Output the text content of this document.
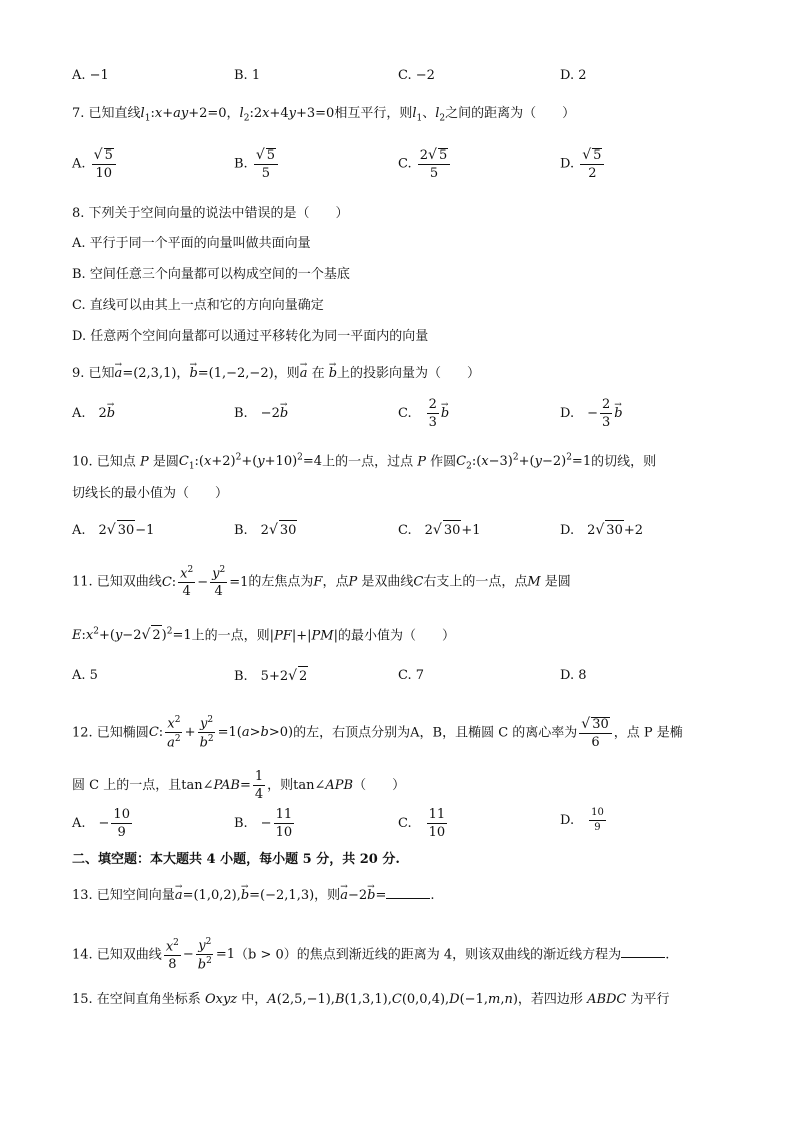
A. −1	B. 1	C. −2	D. 2
7. 已知直线$l_1:x+ay+2=0$，$l_2:2x+4y+3=0$相互平行，则$l_1$、$l_2$之间的距离为（　　）
A. $\frac{√ 5}{10}$	B. $\frac{√ 5}{5}$	C. $\frac{2√ 5}{5}$	D. $\frac{√ 5}{2}$
8. 下列关于空间向量的说法中错误的是（　　）
A. 平行于同一个平面的向量叫做共面向量
B. 空间任意三个向量都可以构成空间的一个基底
C. 直线可以由其上一点和它的方向向量确定
D. 任意两个空间向量都可以通过平移转化为同一平面内的向量
9. 已知→ a=(2,3,1)，→ b=(1,−2,−2)，则→ a 在 → b上的投影向量为（　　）
A.　2→ b	B.　−2→ b	C.　 $\frac{2}{3}$
→ b	D.　− $\frac{2}{3}$
→ b
10. 已知点 P 是圆$C_1:(x+2)^2+(y+10)^2=4$上的一点，过点 P 作圆$C_2:(x-3)^2+(y-2)^2=1$的切线，则
切线长的最小值为（　　）
A.　2√ 30−1	B.　2√ 30	C.　2√ 30+1	D.　2√ 30+2
11. 已知双曲线C: $\frac{x^2}{4} - \frac{y^2}{4} =1$的左焦点为F，点P 是双曲线C右支上的一点，点M 是圆
$E:x^2+(y-2√$ 2)$^2$=1上的一点，则|PF|+|PM|的最小值为（　　）
A. 5	B.　5+2√ 2	C. 7	D. 8
12. 已知椭圆C: $\frac{x^2}{a^2} + \frac{y^2}{b^2} =1(a>b>0)$的左，右顶点分别为A，B，且椭圆 C 的离心率为 $\frac{√ 30}{6}$ ，点 P 是椭
圆 C 上的一点，且tan∠PAB= $\frac{1}{4}$ ，则tan∠APB（　　）
A.　− $\frac{10}{9}$	B.　− $\frac{11}{10}$	C.　 $\frac{11}{10}$	D.　 $\frac{10}{9}$
二、填空题：本大题共 4 小题，每小题 5 分，共 20 分.
13. 已知空间向量→ a=(1,0,2),→ b=(−2,1,3)，则→ a−2→ b=	.
14. 已知双曲线 $\frac{x^2}{8} - \frac{y^2}{b^2} =1(b > 0)$的焦点到渐近线的距离为 4，则该双曲线的渐近线方程为	.
15. 在空间直角坐标系 Oxyz 中，A(2,5,−1),B(1,3,1),C(0,0,4),D(−1,m,n)，若四边形 ABDC 为平行
